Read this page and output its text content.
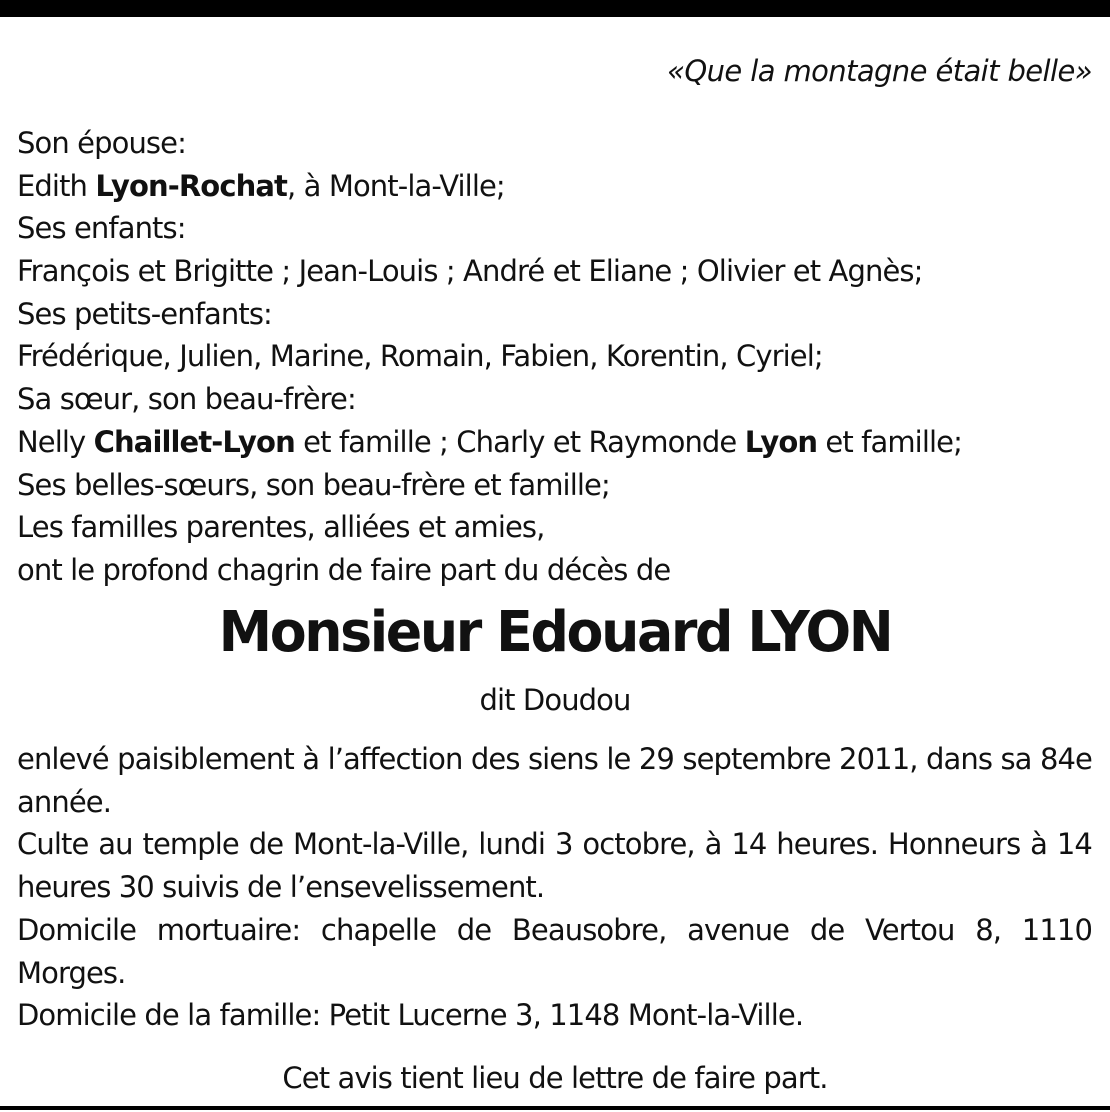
«Que la montagne était belle»
Son épouse:
Edith Lyon-Rochat, à Mont-la-Ville;
Ses enfants:
François et Brigitte ; Jean-Louis ; André et Eliane ; Olivier et Agnès;
Ses petits-enfants:
Frédérique, Julien, Marine, Romain, Fabien, Korentin, Cyriel;
Sa sœur, son beau-frère:
Nelly Chaillet-Lyon et famille ; Charly et Raymonde Lyon et famille;
Ses belles-sœurs, son beau-frère et famille;
Les familles parentes, alliées et amies,
ont le profond chagrin de faire part du décès de
Monsieur Edouard LYON
dit Doudou
enlevé paisiblement à l’affection des siens le 29 septembre 2011, dans sa 84e année.
Culte au temple de Mont-la-Ville, lundi 3 octobre, à 14 heures. Honneurs à 14 heures 30 suivis de l’ensevelissement.
Domicile mortuaire: chapelle de Beausobre, avenue de Vertou 8, 1110 Morges.
Domicile de la famille: Petit Lucerne 3, 1148 Mont-la-Ville.
Cet avis tient lieu de lettre de faire part.
